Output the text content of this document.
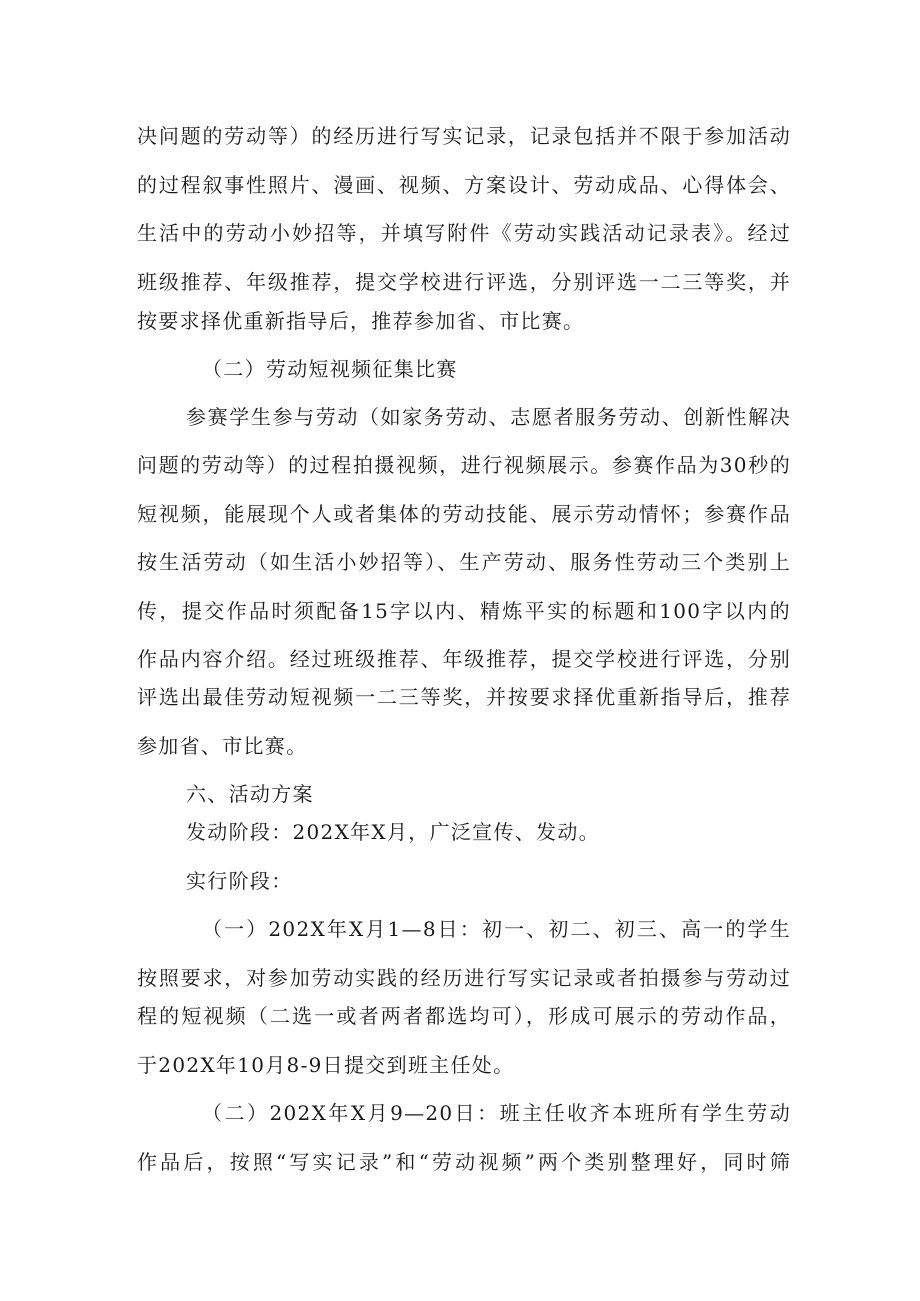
决问题的劳动等）的经历进行写实记录，记录包括并不限于参加活动
的过程叙事性照片、漫画、视频、方案设计、劳动成品、心得体会、
生活中的劳动小妙招等，并填写附件《劳动实践活动记录表》。经过
班级推荐、年级推荐，提交学校进行评选，分别评选一二三等奖，并
按要求择优重新指导后，推荐参加省、市比赛。
（二）劳动短视频征集比赛
参赛学生参与劳动（如家务劳动、志愿者服务劳动、创新性解决
问题的劳动等）的过程拍摄视频，进行视频展示。参赛作品为30秒的
短视频，能展现个人或者集体的劳动技能、展示劳动情怀；参赛作品
按生活劳动（如生活小妙招等）、生产劳动、服务性劳动三个类别上
传，提交作品时须配备15字以内、精炼平实的标题和100字以内的
作品内容介绍。经过班级推荐、年级推荐，提交学校进行评选，分别
评选出最佳劳动短视频一二三等奖，并按要求择优重新指导后，推荐
参加省、市比赛。
六、活动方案
发动阶段：202X年X月，广泛宣传、发动。
实行阶段：
（一）202X年X月1—8日：初一、初二、初三、高一的学生
按照要求，对参加劳动实践的经历进行写实记录或者拍摄参与劳动过
程的短视频（二选一或者两者都选均可），形成可展示的劳动作品，
于202X年10月8-9日提交到班主任处。
（二）202X年X月9—20日：班主任收齐本班所有学生劳动
作品后，按照“写实记录”和“劳动视频”两个类别整理好，同时筛
